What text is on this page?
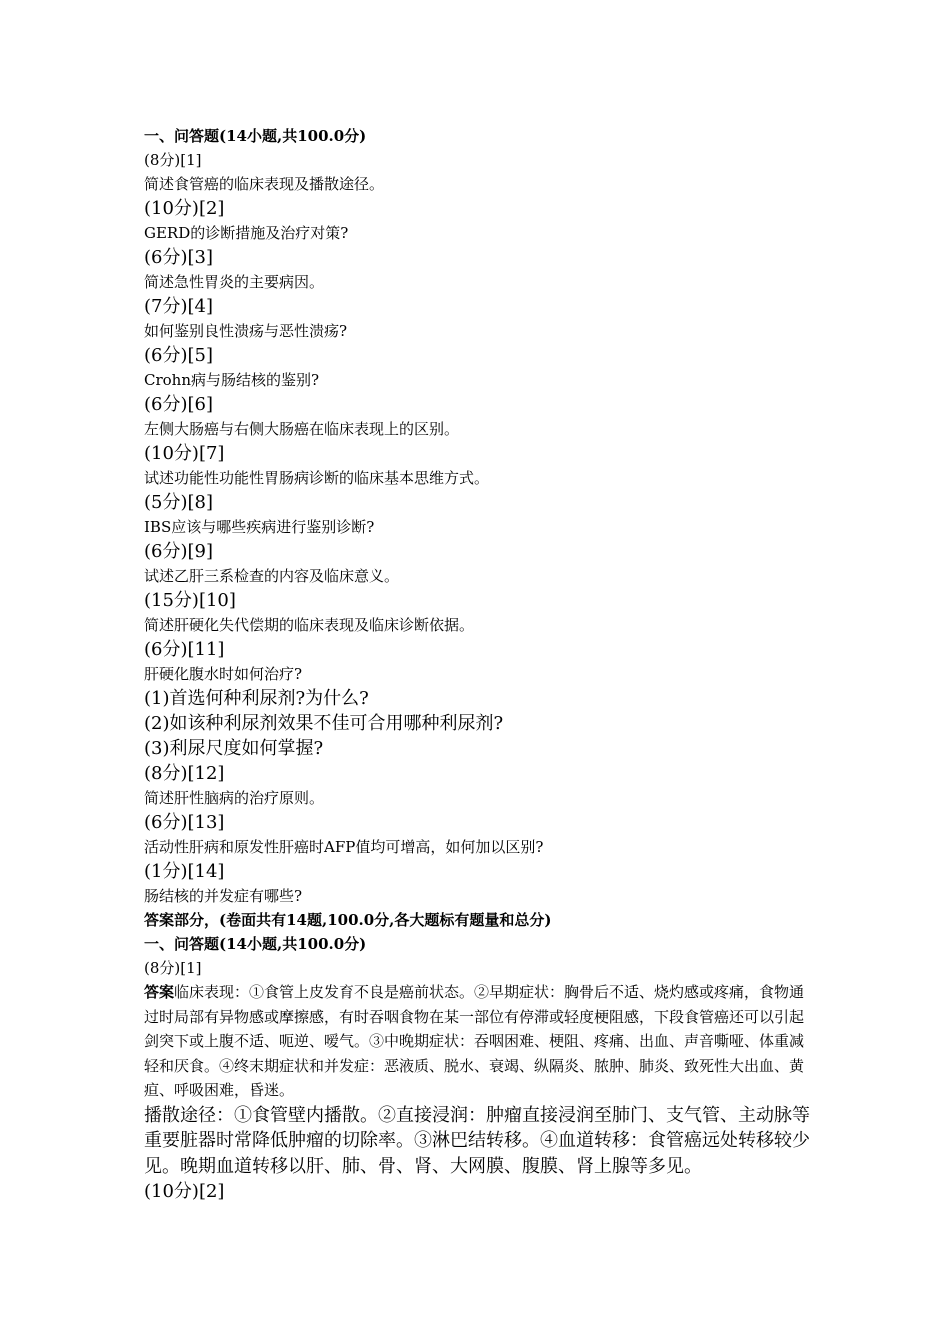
一、问答题(14小题,共100.0分)
(8分)[1]
简述食管癌的临床表现及播散途径。
(10分)[2]
GERD的诊断措施及治疗对策?
(6分)[3]
简述急性胃炎的主要病因。
(7分)[4]
如何鉴别良性溃疡与恶性溃疡?
(6分)[5]
Crohn病与肠结核的鉴别?
(6分)[6]
左侧大肠癌与右侧大肠癌在临床表现上的区别。
(10分)[7]
试述功能性功能性胃肠病诊断的临床基本思维方式。
(5分)[8]
IBS应该与哪些疾病进行鉴别诊断?
(6分)[9]
试述乙肝三系检查的内容及临床意义。
(15分)[10]
简述肝硬化失代偿期的临床表现及临床诊断依据。
(6分)[11]
肝硬化腹水时如何治疗?
(1)首选何种利尿剂?为什么?
(2)如该种利尿剂效果不佳可合用哪种利尿剂?
(3)利尿尺度如何掌握?
(8分)[12]
简述肝性脑病的治疗原则。
(6分)[13]
活动性肝病和原发性肝癌时AFP值均可增高，如何加以区别?
(1分)[14]
肠结核的并发症有哪些?
答案部分，(卷面共有14题,100.0分,各大题标有题量和总分)
一、问答题(14小题,共100.0分)
(8分)[1]
答案临床表现：①食管上皮发育不良是癌前状态。②早期症状：胸骨后不适、烧灼感或疼痛，食物通过时局部有异物感或摩擦感，有时吞咽食物在某一部位有停滞或轻度梗阻感，下段食管癌还可以引起剑突下或上腹不适、呃逆、嗳气。③中晚期症状：吞咽困难、梗阻、疼痛、出血、声音嘶哑、体重减轻和厌食。④终末期症状和并发症：恶液质、脱水、衰竭、纵隔炎、脓肿、肺炎、致死性大出血、黄疸、呼吸困难，昏迷。
播散途径：①食管壁内播散。②直接浸润：肿瘤直接浸润至肺门、支气管、主动脉等重要脏器时常降低肿瘤的切除率。③淋巴结转移。④血道转移：食管癌远处转移较少见。晚期血道转移以肝、肺、骨、肾、大网膜、腹膜、肾上腺等多见。
(10分)[2]
